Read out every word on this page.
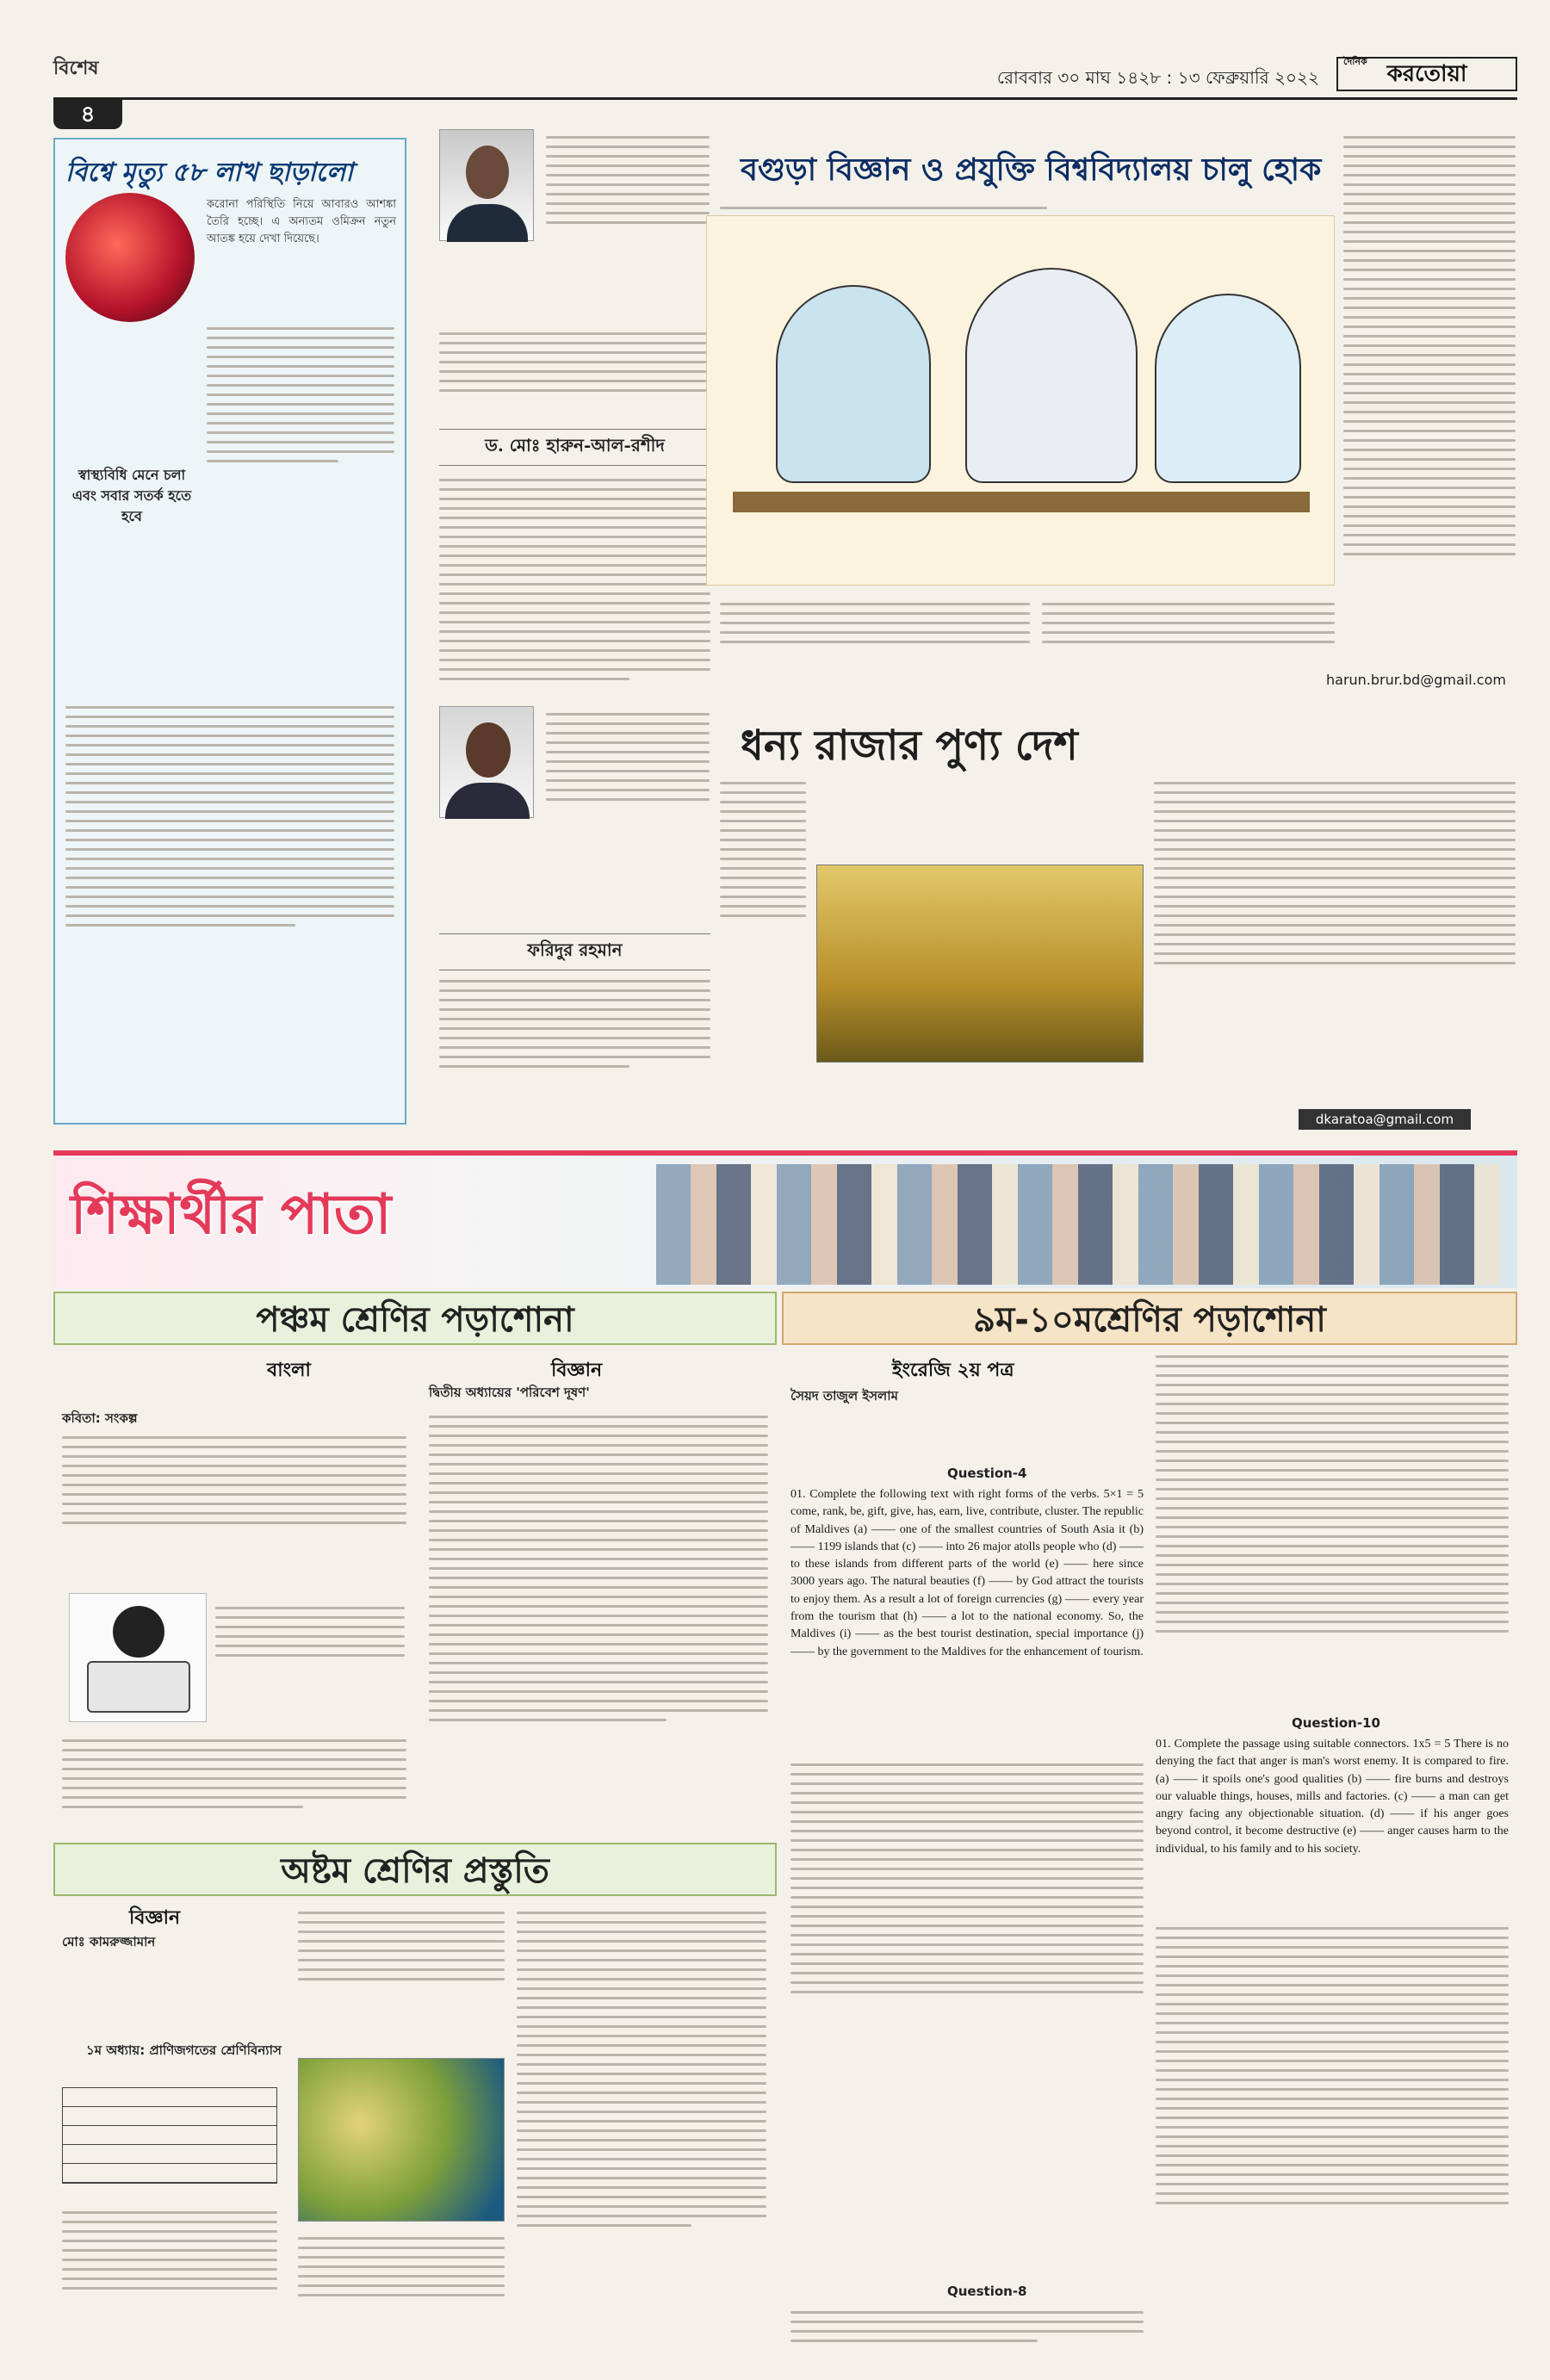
বিশেষ	রোববার ৩০ মাঘ ১৪২৮ : ১৩ ফেব্রুয়ারি ২০২২
দৈনিক করতোয়া
৪
বিশ্বে মৃত্যু ৫৮ লাখ ছাড়ালো
করোনা পরিস্থিতি নিয়ে আবারও আশঙ্কা তৈরি হচ্ছে। এ অন্যতম ওমিক্রন নতুন আতঙ্ক হয়ে দেখা দিয়েছে।
স্বাস্থ্যবিধি মেনে চলা এবং সবার সতর্ক হতে হবে
ড. মোঃ হারুন-আল-রশীদ
বগুড়া বিজ্ঞান ও প্রযুক্তি বিশ্ববিদ্যালয় চালু হোক
harun.brur.bd@gmail.com
ধন্য রাজার পুণ্য দেশ
ফরিদুর রহমান
dkaratoa@gmail.com
শিক্ষার্থীর পাতা
পঞ্চম শ্রেণির পড়াশোনা
বাংলা	বিজ্ঞান
কবিতা: সংকল্প
দ্বিতীয় অধ্যায়ের 'পরিবেশ দূষণ'
অষ্টম শ্রেণির প্রস্তুতি
বিজ্ঞান
মোঃ কামরুজ্জামান
১ম অধ্যায়: প্রাণিজগতের শ্রেণিবিন্যাস
৯ম-১০মশ্রেণির পড়াশোনা
ইংরেজি ২য় পত্র
সৈয়দ তাজুল ইসলাম
Question-4
01. Complete the following text with right forms of the verbs. 5×1 = 5 come, rank, be, gift, give, has, earn, live, contribute, cluster. The republic of Maldives (a) —— one of the smallest countries of South Asia it (b) —— 1199 islands that (c) —— into 26 major atolls people who (d) —— to these islands from different parts of the world (e) —— here since 3000 years ago. The natural beauties (f) —— by God attract the tourists to enjoy them. As a result a lot of foreign currencies (g) —— every year from the tourism that (h) —— a lot to the national economy. So, the Maldives (i) —— as the best tourist destination, special importance (j) —— by the government to the Maldives for the enhancement of tourism.
Question-8
Question-10
01. Complete the passage using suitable connectors. 1x5 = 5 There is no denying the fact that anger is man's worst enemy. It is compared to fire. (a) —— it spoils one's good qualities (b) —— fire burns and destroys our valuable things, houses, mills and factories. (c) —— a man can get angry facing any objectionable situation. (d) —— if his anger goes beyond control, it become destructive (e) —— anger causes harm to the individual, to his family and to his society.
